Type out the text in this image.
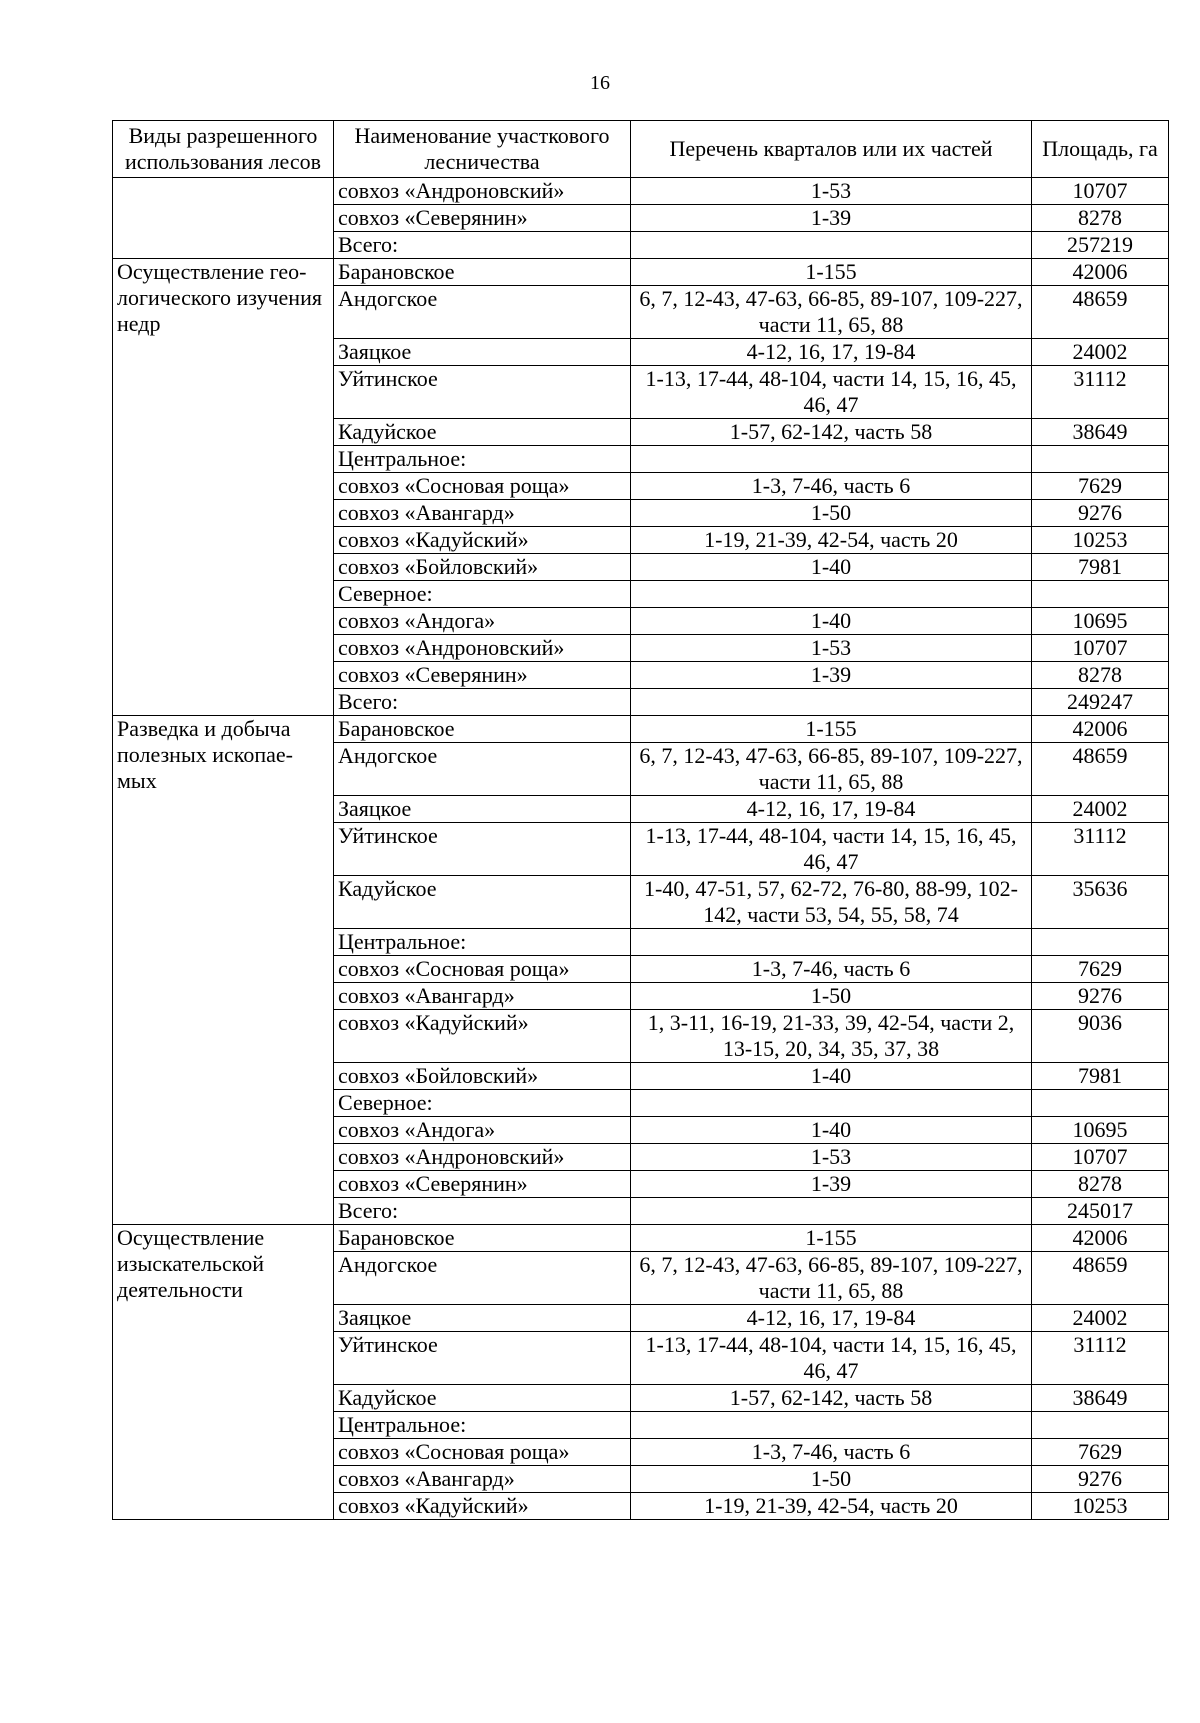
16
Виды разрешенного использования лесов	Наименование участкового лесничества	Перечень кварталов или их частей	Площадь, га
	совхоз «Андроновский»	1-53	10707
	совхоз «Северянин»	1-39	8278
	Всего:		257219
Осуществление гео-логического изучения недр	Барановское	1-155	42006
	Андогское	6, 7, 12-43, 47-63, 66-85, 89-107, 109-227, части 11, 65, 88	48659
	Заяцкое	4-12, 16, 17, 19-84	24002
	Уйтинское	1-13, 17-44, 48-104, части 14, 15, 16, 45, 46, 47	31112
	Кадуйское	1-57, 62-142, часть 58	38649
	Центральное:		
	совхоз «Сосновая роща»	1-3, 7-46, часть 6	7629
	совхоз «Авангард»	1-50	9276
	совхоз «Кадуйский»	1-19, 21-39, 42-54, часть 20	10253
	совхоз «Бойловский»	1-40	7981
	Северное:		
	совхоз «Андога»	1-40	10695
	совхоз «Андроновский»	1-53	10707
	совхоз «Северянин»	1-39	8278
	Всего:		249247
Разведка и добыча полезных ископае-мых	Барановское	1-155	42006
	Андогское	6, 7, 12-43, 47-63, 66-85, 89-107, 109-227, части 11, 65, 88	48659
	Заяцкое	4-12, 16, 17, 19-84	24002
	Уйтинское	1-13, 17-44, 48-104, части 14, 15, 16, 45, 46, 47	31112
	Кадуйское	1-40, 47-51, 57, 62-72, 76-80, 88-99, 102-142, части 53, 54, 55, 58, 74	35636
	Центральное:		
	совхоз «Сосновая роща»	1-3, 7-46, часть 6	7629
	совхоз «Авангард»	1-50	9276
	совхоз «Кадуйский»	1, 3-11, 16-19, 21-33, 39, 42-54, части 2, 13-15, 20, 34, 35, 37, 38	9036
	совхоз «Бойловский»	1-40	7981
	Северное:		
	совхоз «Андога»	1-40	10695
	совхоз «Андроновский»	1-53	10707
	совхоз «Северянин»	1-39	8278
	Всего:		245017
Осуществление изыскательской деятельности	Барановское	1-155	42006
	Андогское	6, 7, 12-43, 47-63, 66-85, 89-107, 109-227, части 11, 65, 88	48659
	Заяцкое	4-12, 16, 17, 19-84	24002
	Уйтинское	1-13, 17-44, 48-104, части 14, 15, 16, 45, 46, 47	31112
	Кадуйское	1-57, 62-142, часть 58	38649
	Центральное:		
	совхоз «Сосновая роща»	1-3, 7-46, часть 6	7629
	совхоз «Авангард»	1-50	9276
	совхоз «Кадуйский»	1-19, 21-39, 42-54, часть 20	10253
